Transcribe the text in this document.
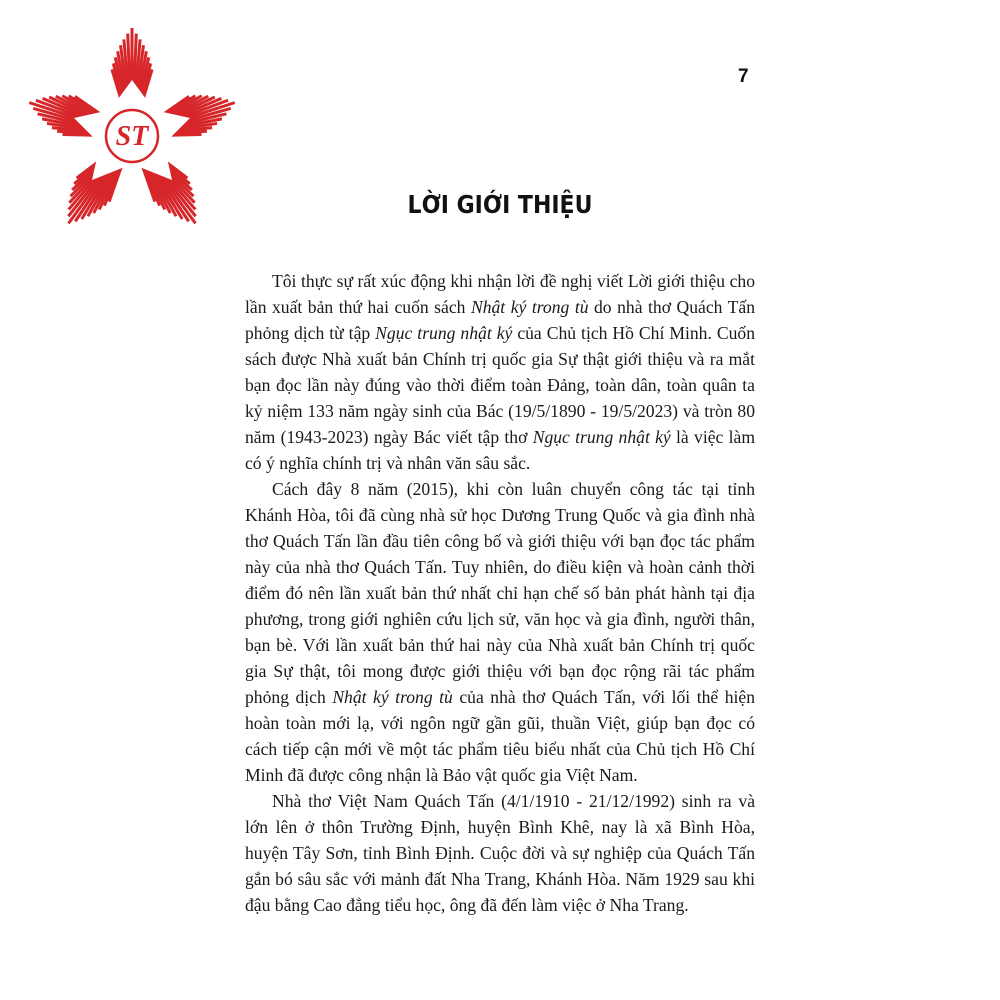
ST
7
LỜI GIỚI THIỆU

Tôi thực sự rất xúc động khi nhận lời đề nghị viết Lời giới thiệu cho lần xuất bản thứ hai cuốn sách Nhật ký trong tù do nhà thơ Quách Tấn phỏng dịch từ tập Ngục trung nhật ký của Chủ tịch Hồ Chí Minh. Cuốn sách được Nhà xuất bản Chính trị quốc gia Sự thật giới thiệu và ra mắt bạn đọc lần này đúng vào thời điểm toàn Đảng, toàn dân, toàn quân ta kỷ niệm 133 năm ngày sinh của Bác (19/5/1890 - 19/5/2023) và tròn 80 năm (1943-2023) ngày Bác viết tập thơ Ngục trung nhật ký là việc làm có ý nghĩa chính trị và nhân văn sâu sắc.

Cách đây 8 năm (2015), khi còn luân chuyển công tác tại tỉnh Khánh Hòa, tôi đã cùng nhà sử học Dương Trung Quốc và gia đình nhà thơ Quách Tấn lần đầu tiên công bố và giới thiệu với bạn đọc tác phẩm này của nhà thơ Quách Tấn. Tuy nhiên, do điều kiện và hoàn cảnh thời điểm đó nên lần xuất bản thứ nhất chỉ hạn chế số bản phát hành tại địa phương, trong giới nghiên cứu lịch sử, văn học và gia đình, người thân, bạn bè. Với lần xuất bản thứ hai này của Nhà xuất bản Chính trị quốc gia Sự thật, tôi mong được giới thiệu với bạn đọc rộng rãi tác phẩm phỏng dịch Nhật ký trong tù của nhà thơ Quách Tấn, với lối thể hiện hoàn toàn mới lạ, với ngôn ngữ gần gũi, thuần Việt, giúp bạn đọc có cách tiếp cận mới về một tác phẩm tiêu biểu nhất của Chủ tịch Hồ Chí Minh đã được công nhận là Bảo vật quốc gia Việt Nam.

Nhà thơ Việt Nam Quách Tấn (4/1/1910 - 21/12/1992) sinh ra và lớn lên ở thôn Trường Định, huyện Bình Khê, nay là xã Bình Hòa, huyện Tây Sơn, tỉnh Bình Định. Cuộc đời và sự nghiệp của Quách Tấn gắn bó sâu sắc với mảnh đất Nha Trang, Khánh Hòa. Năm 1929 sau khi đậu bằng Cao đẳng tiểu học, ông đã đến làm việc ở Nha Trang.
